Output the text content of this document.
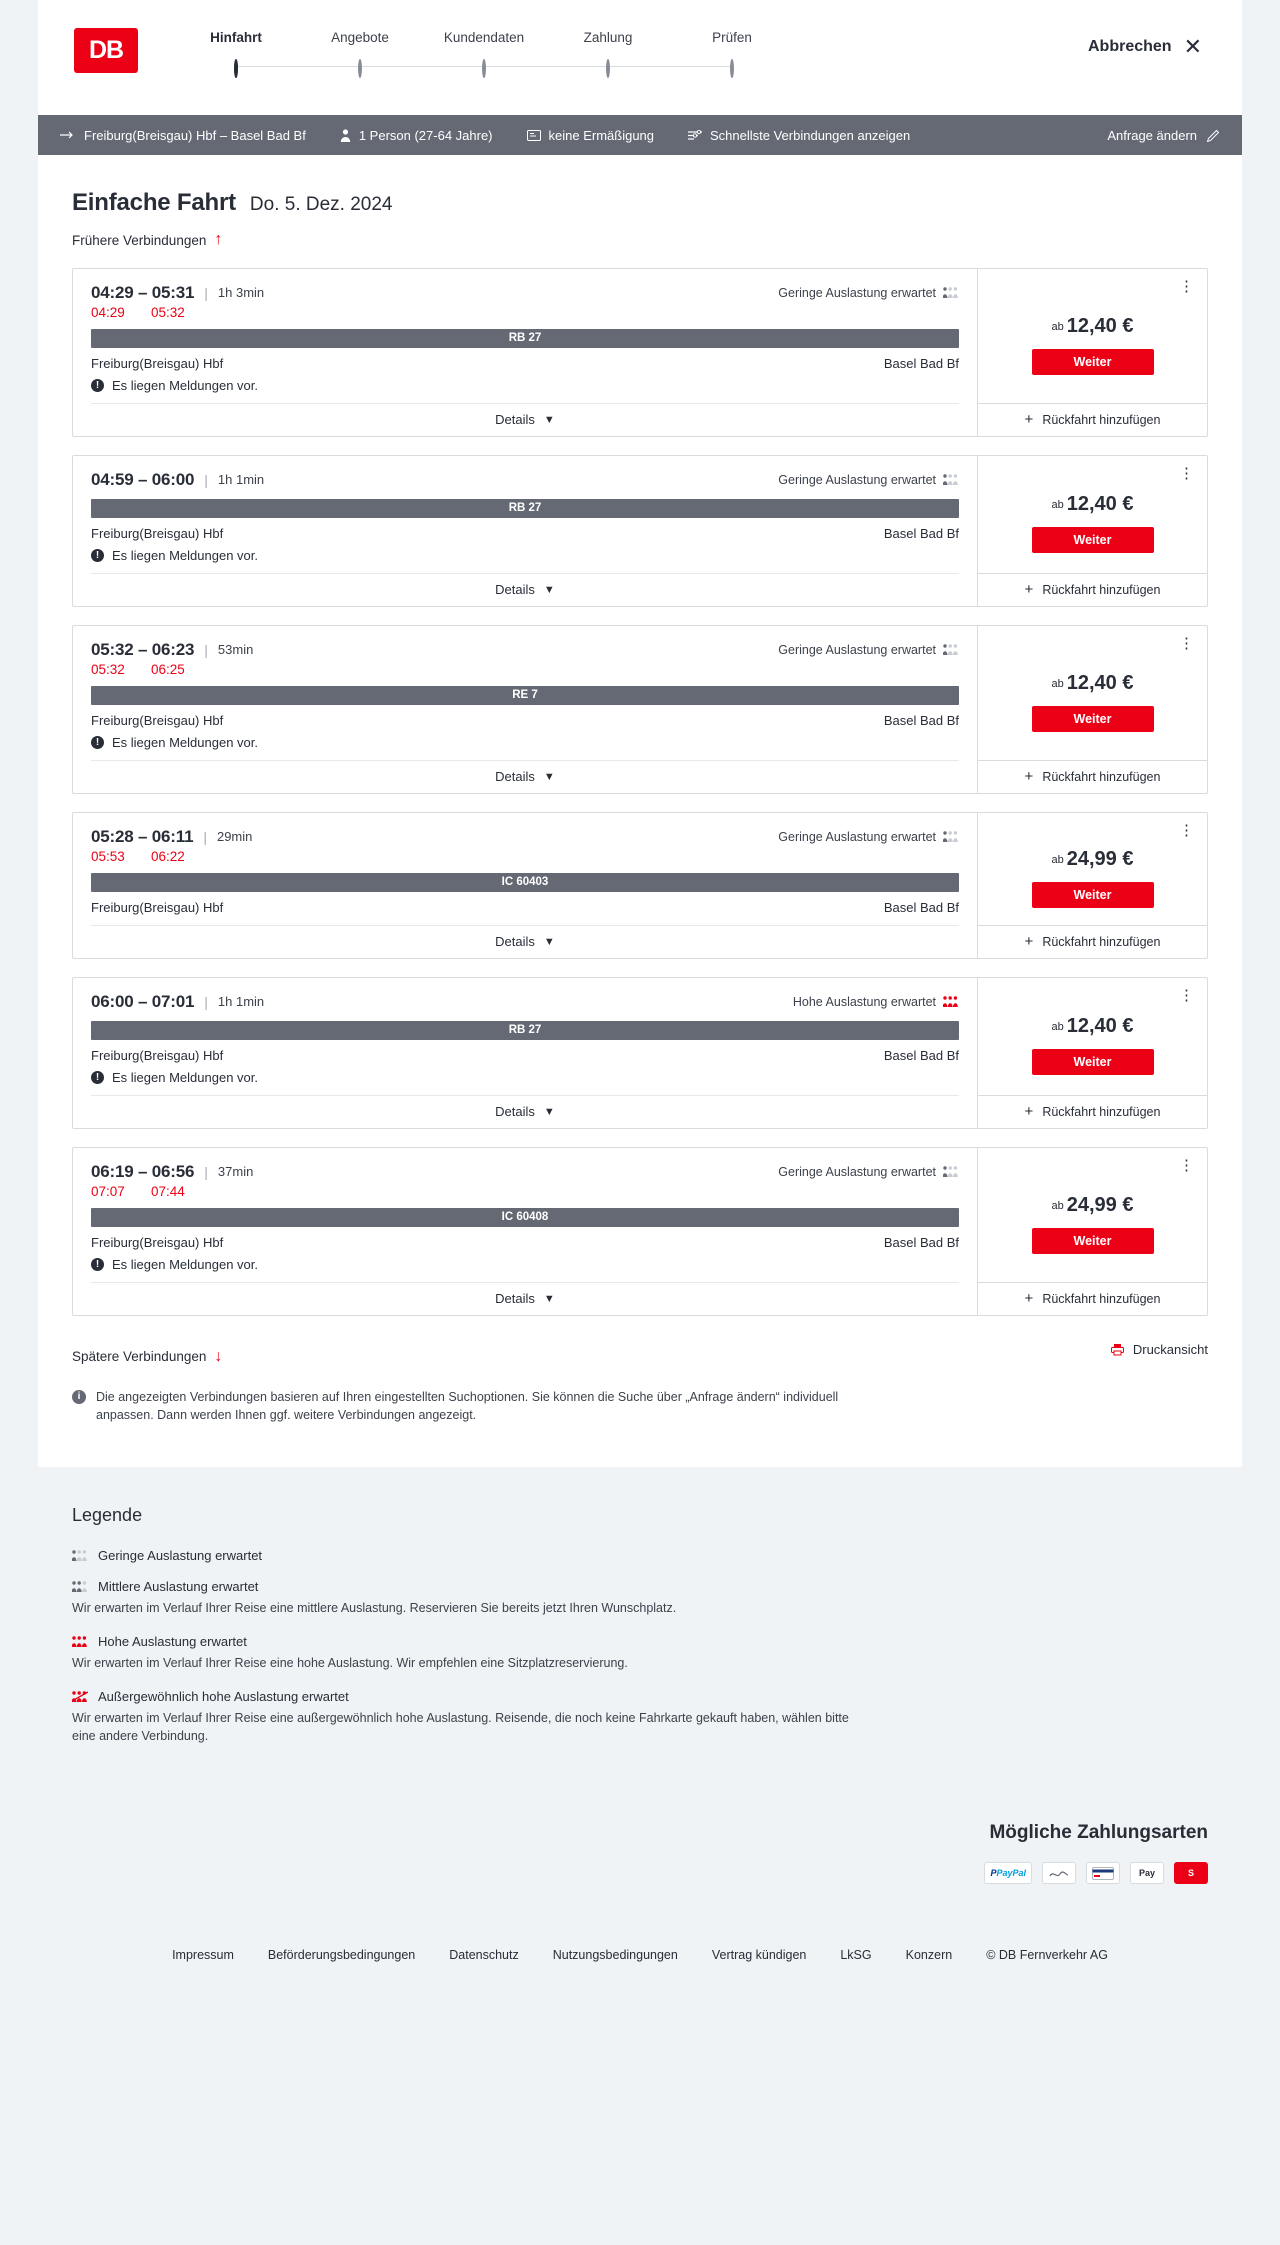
DB	Hinfahrt	Angebote	Kundendaten	Zahlung	Prüfen
Abbrechen ✕
Freiburg(Breisgau) Hbf – Basel Bad Bf	1 Person (27-64 Jahre)	keine Ermäßigung	Schnellste Verbindungen anzeigen	Anfrage ändern
Einfache Fahrt Do. 5. Dez. 2024
Frühere Verbindungen ↑
04:29 – 05:31 | 1h 3min	Geringe Auslastung erwartet
04:29	05:32
RB 27
Freiburg(Breisgau) Hbf	Basel Bad Bf
! Es liegen Meldungen vor.
Details ▼
⋮
ab 12,40 €
Weiter
+ Rückfahrt hinzufügen
04:59 – 06:00 | 1h 1min	Geringe Auslastung erwartet
RB 27
Freiburg(Breisgau) Hbf	Basel Bad Bf
! Es liegen Meldungen vor.
Details ▼
⋮
ab 12,40 €
Weiter
+ Rückfahrt hinzufügen
05:32 – 06:23 | 53min	Geringe Auslastung erwartet
05:32	06:25
RE 7
Freiburg(Breisgau) Hbf	Basel Bad Bf
! Es liegen Meldungen vor.
Details ▼
⋮
ab 12,40 €
Weiter
+ Rückfahrt hinzufügen
05:28 – 06:11 | 29min	Geringe Auslastung erwartet
05:53	06:22
IC 60403
Freiburg(Breisgau) Hbf	Basel Bad Bf
Details ▼
⋮
ab 24,99 €
Weiter
+ Rückfahrt hinzufügen
06:00 – 07:01 | 1h 1min	Hohe Auslastung erwartet
RB 27
Freiburg(Breisgau) Hbf	Basel Bad Bf
! Es liegen Meldungen vor.
Details ▼
⋮
ab 12,40 €
Weiter
+ Rückfahrt hinzufügen
06:19 – 06:56 | 37min	Geringe Auslastung erwartet
07:07	07:44
IC 60408
Freiburg(Breisgau) Hbf	Basel Bad Bf
! Es liegen Meldungen vor.
Details ▼
⋮
ab 24,99 €
Weiter
+ Rückfahrt hinzufügen
Spätere Verbindungen ↓	Druckansicht
i	Die angezeigten Verbindungen basieren auf Ihren eingestellten Suchoptionen. Sie können die Suche über „Anfrage ändern“ individuell anpassen. Dann werden Ihnen ggf. weitere Verbindungen angezeigt.
Legende
Geringe Auslastung erwartet
Mittlere Auslastung erwartet
Wir erwarten im Verlauf Ihrer Reise eine mittlere Auslastung. Reservieren Sie bereits jetzt Ihren Wunschplatz.
Hohe Auslastung erwartet
Wir erwarten im Verlauf Ihrer Reise eine hohe Auslastung. Wir empfehlen eine Sitzplatzreservierung.
Außergewöhnlich hohe Auslastung erwartet
Wir erwarten im Verlauf Ihrer Reise eine außergewöhnlich hohe Auslastung. Reisende, die noch keine Fahrkarte gekauft haben, wählen bitte eine andere Verbindung.
Mögliche Zahlungsarten
P PayPal	Pay	S
Impressum	Beförderungsbedingungen	Datenschutz	Nutzungsbedingungen	Vertrag kündigen	LkSG	Konzern	© DB Fernverkehr AG
